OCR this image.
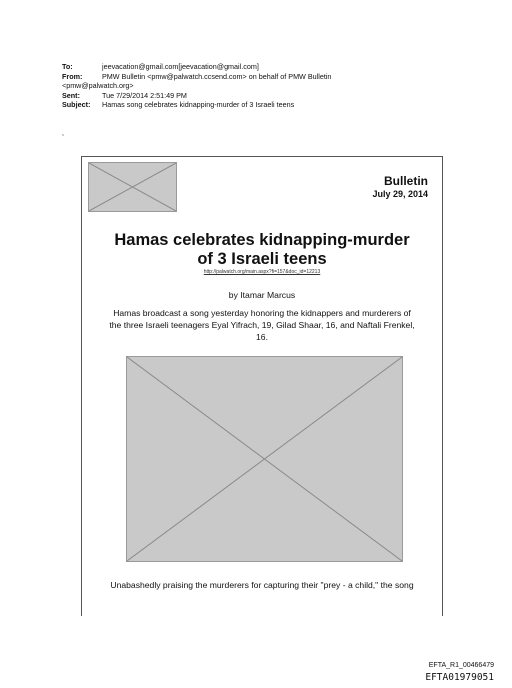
To:	jeevacation@gmail.com[jeevacation@gmail.com]
From:	PMW Bulletin <pmw@palwatch.ccsend.com> on behalf of PMW Bulletin
<pmw@palwatch.org>
Sent:	Tue 7/29/2014 2:51:49 PM
Subject:	Hamas song celebrates kidnapping-murder of 3 Israeli teens
Bulletin
July 29, 2014
Hamas celebrates kidnapping-murder
of 3 Israeli teens
http://palwatch.org/main.aspx?fi=157&doc_id=12213
by Itamar Marcus
Hamas broadcast a song yesterday honoring the kidnappers and murderers of
the three Israeli teenagers Eyal Yifrach, 19, Gilad Shaar, 16, and Naftali Frenkel,
16.
Unabashedly praising the murderers for capturing their "prey - a child," the song
EFTA_R1_00466479
EFTA01979051
